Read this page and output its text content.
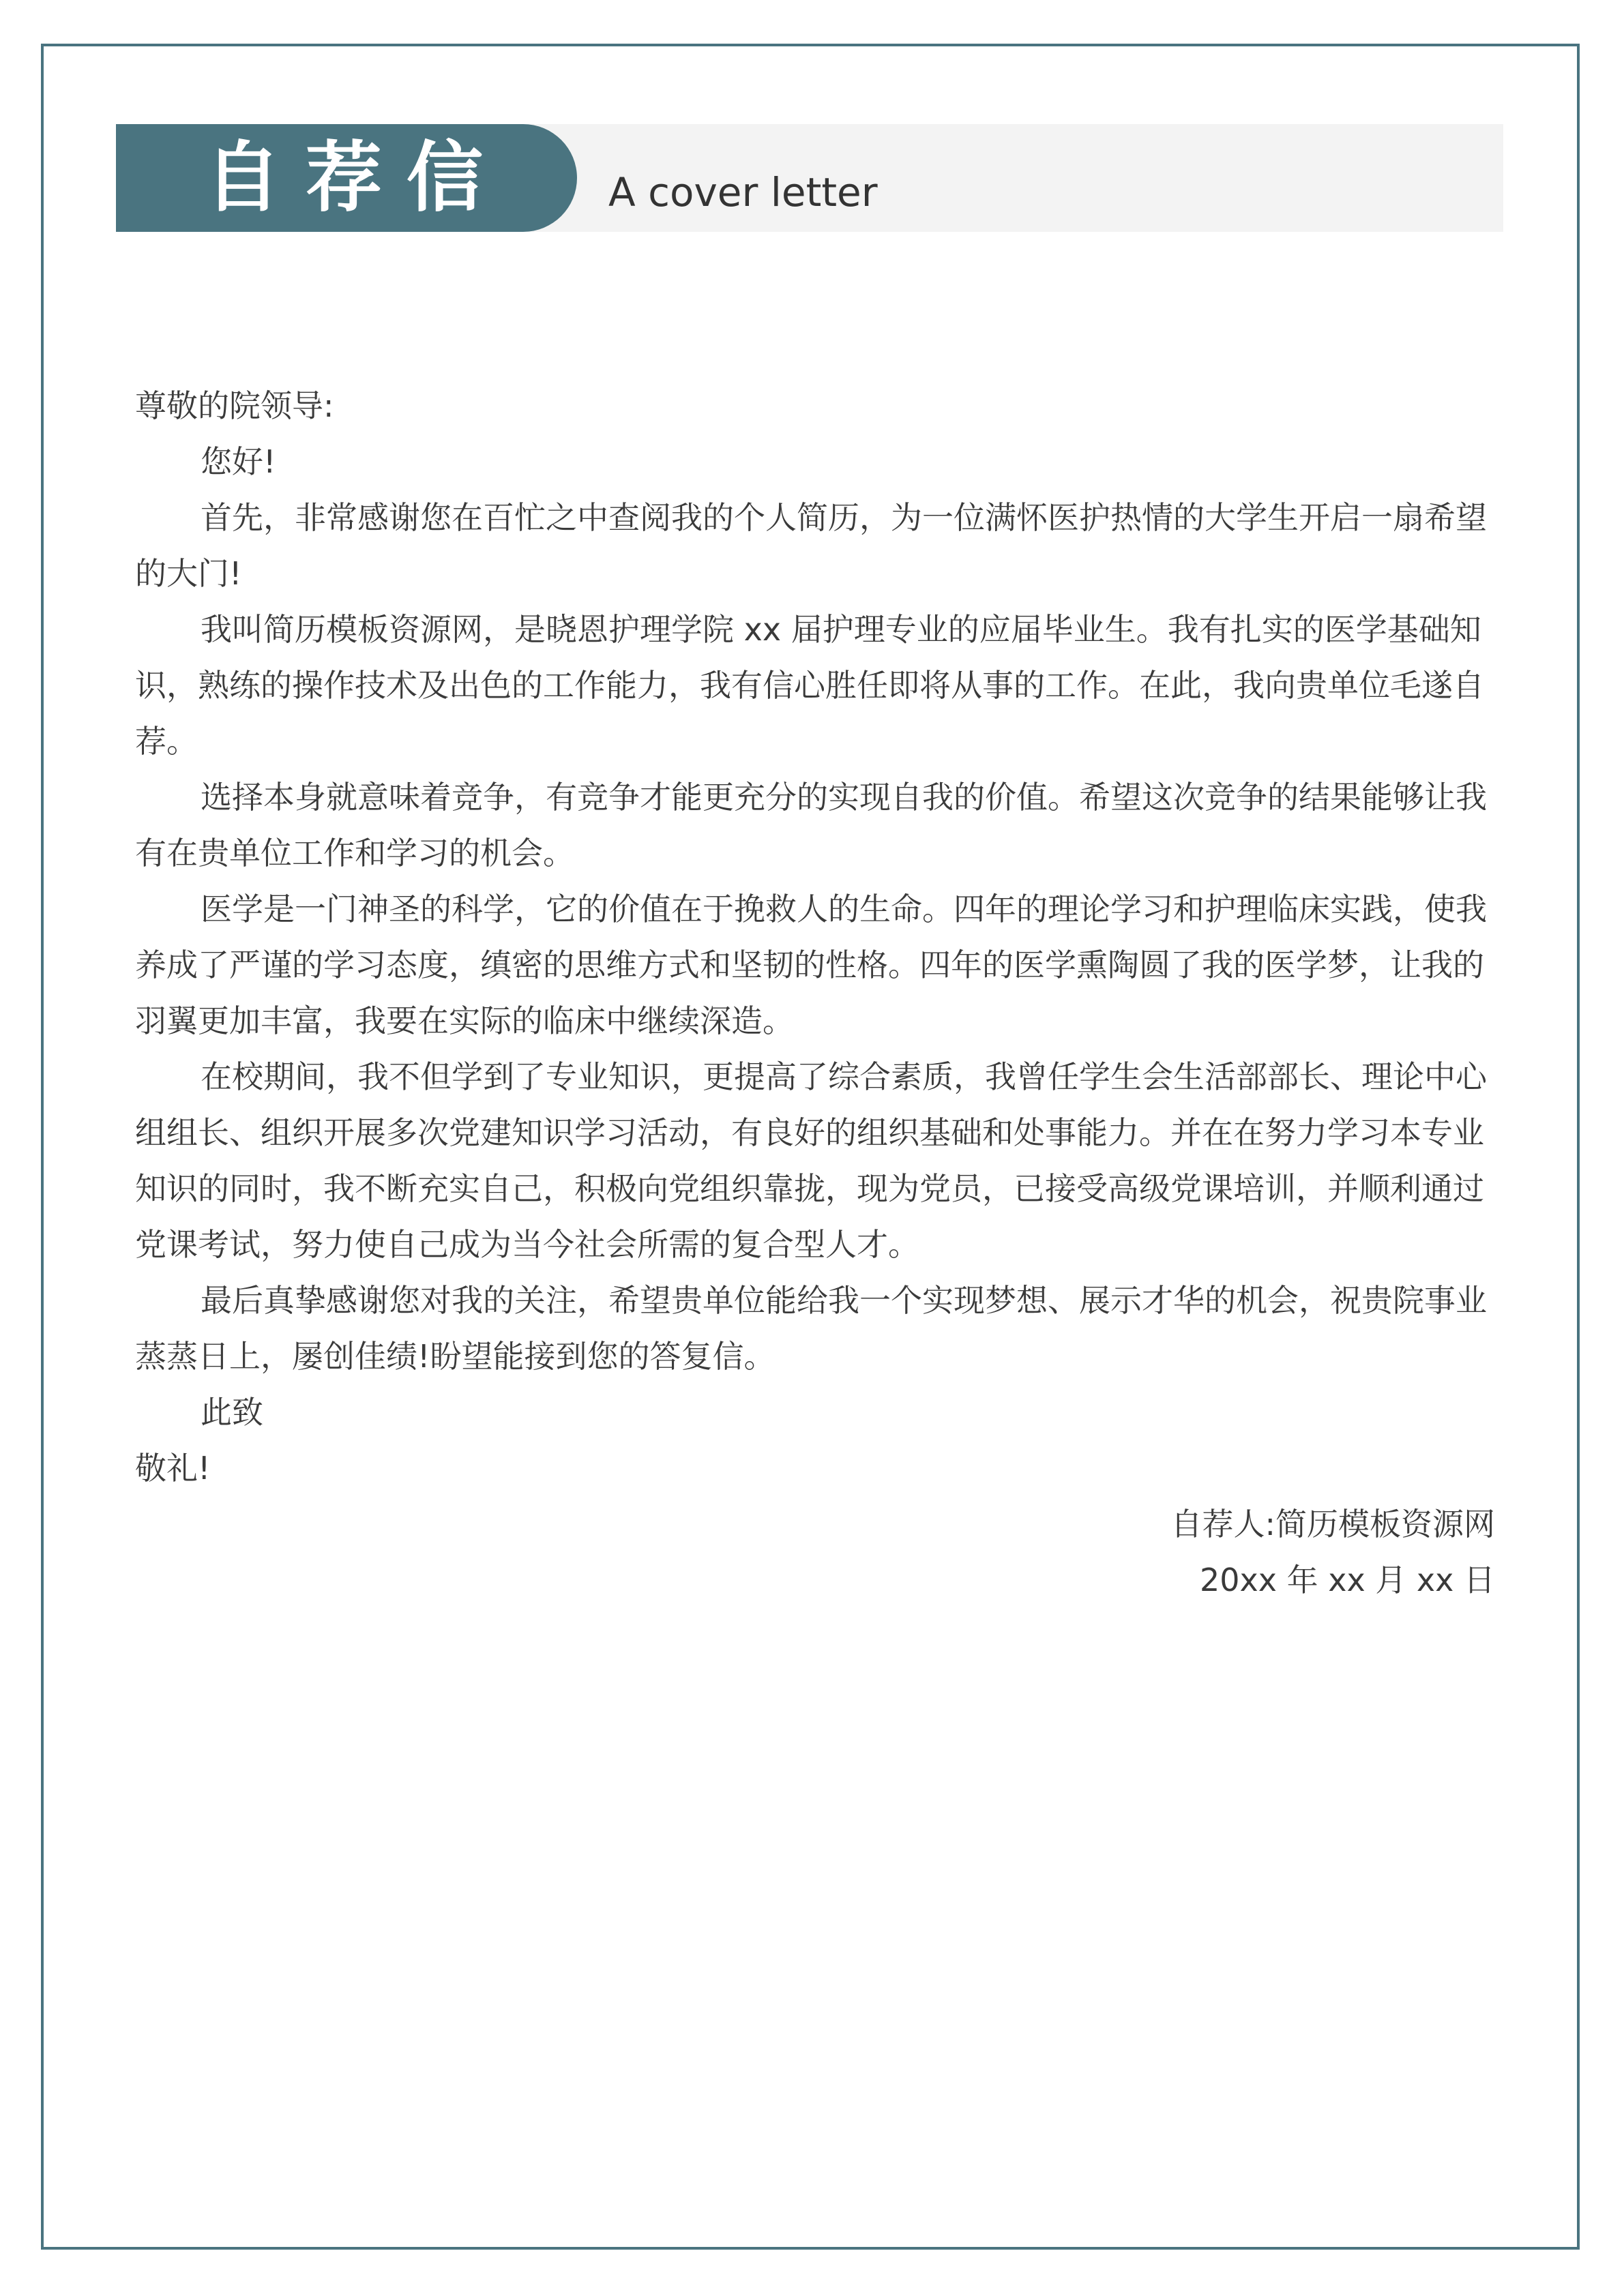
自荐信	A cover letter

尊敬的院领导:

您好!

首先，非常感谢您在百忙之中查阅我的个人简历，为一位满怀医护热情的大学生开启一扇希望的大门!

我叫简历模板资源网，是晓恩护理学院 xx 届护理专业的应届毕业生。我有扎实的医学基础知识，熟练的操作技术及出色的工作能力，我有信心胜任即将从事的工作。在此，我向贵单位毛遂自荐。

选择本身就意味着竞争，有竞争才能更充分的实现自我的价值。希望这次竞争的结果能够让我有在贵单位工作和学习的机会。

医学是一门神圣的科学，它的价值在于挽救人的生命。四年的理论学习和护理临床实践，使我养成了严谨的学习态度，缜密的思维方式和坚韧的性格。四年的医学熏陶圆了我的医学梦，让我的羽翼更加丰富，我要在实际的临床中继续深造。

在校期间，我不但学到了专业知识，更提高了综合素质，我曾任学生会生活部部长、理论中心组组长、组织开展多次党建知识学习活动，有良好的组织基础和处事能力。并在在努力学习本专业知识的同时，我不断充实自己，积极向党组织靠拢，现为党员，已接受高级党课培训，并顺利通过党课考试，努力使自己成为当今社会所需的复合型人才。

最后真挚感谢您对我的关注，希望贵单位能给我一个实现梦想、展示才华的机会，祝贵院事业蒸蒸日上，屡创佳绩!盼望能接到您的答复信。

此致

敬礼!

自荐人:简历模板资源网

20xx 年 xx 月 xx 日
